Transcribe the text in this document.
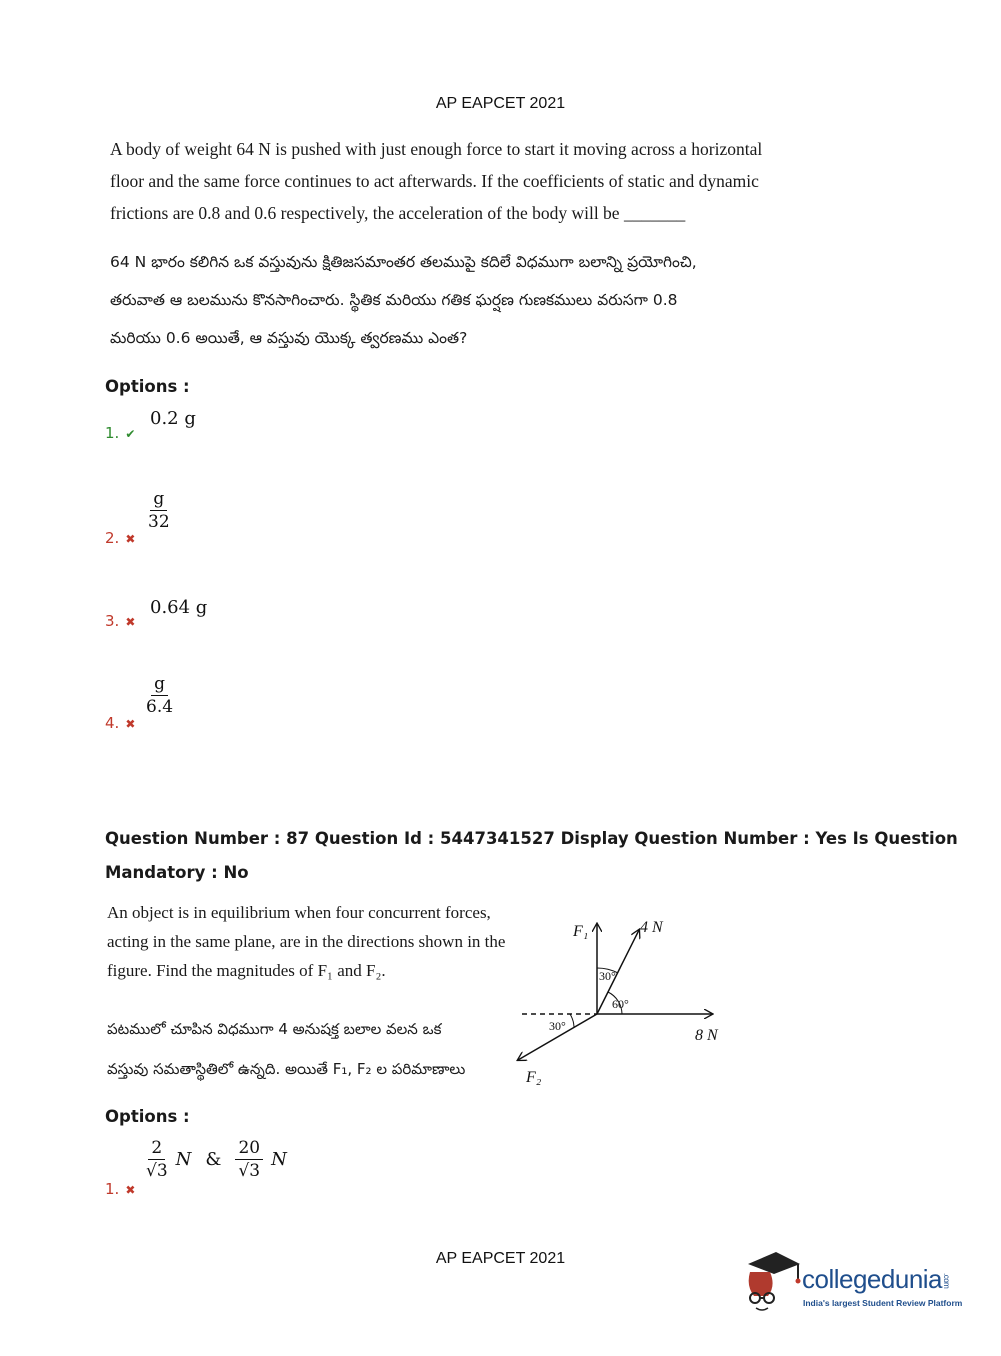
AP EAPCET 2021
A body of weight 64 N is pushed with just enough force to start it moving across a horizontal
floor and the same force continues to act afterwards. If the coefficients of static and dynamic
frictions are 0.8 and 0.6 respectively, the acceleration of the body will be _______
64 N భారం కలిగిన ఒక వస్తువును క్షితిజసమాంతర తలముపై కదిలే విధముగా బలాన్ని ప్రయోగించి,
తరువాత ఆ బలమును కొనసాగించారు. స్థితిక మరియు గతిక ఘర్షణ గుణకములు వరుసగా 0.8
మరియు 0.6 అయితే, ఆ వస్తువు యొక్క త్వరణము ఎంత?
Options :
1. ✔
0.2 g
2. ✖
$\frac{g}{32}$
3. ✖
0.64 g
4. ✖
$\frac{g}{6.4}$
Question Number : 87 Question Id : 5447341527 Display Question Number : Yes Is Question
Mandatory : No
An object is in equilibrium when four concurrent forces,
acting in the same plane, are in the directions shown in the
figure. Find the magnitudes of F₁ and F₂.
పటములో చూపిన విధముగా 4 అనుషక్త బలాల వలన ఒక
వస్తువు సమతాస్థితిలో ఉన్నది. అయితే F₁, F₂ ల పరిమాణాలు
F₁	4 N
8 N
F₂
30°
60°
30°
Options :
1. ✖
$\frac{2}{√3}$ N & $\frac{20}{√3}$ N
AP EAPCET 2021
collegedunia.com
India's largest Student Review Platform
